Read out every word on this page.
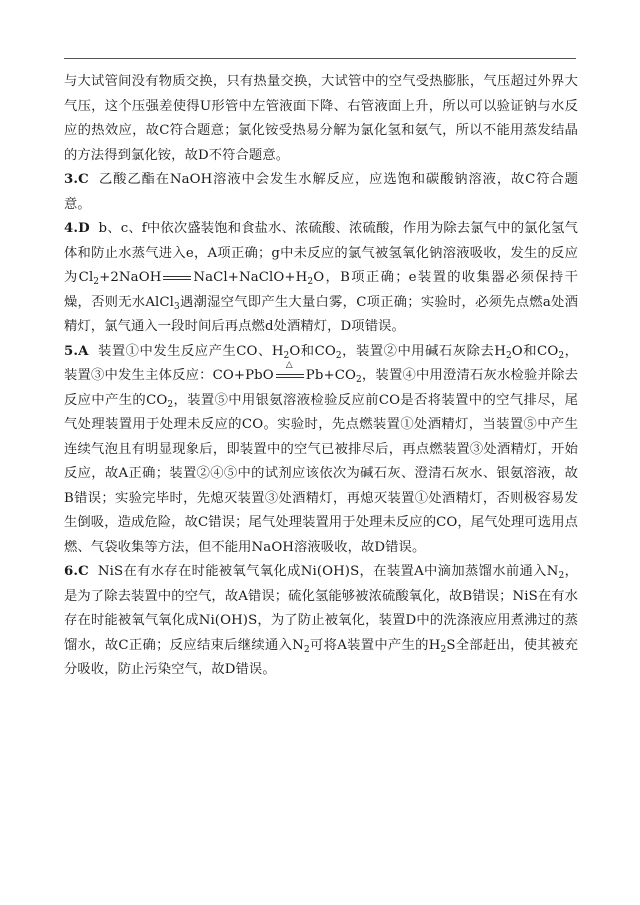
与大试管间没有物质交换，只有热量交换，大试管中的空气受热膨胀，气压超过外界大气压，这个压强差使得U形管中左管液面下降、右管液面上升，所以可以验证钠与水反应的热效应，故C符合题意；氯化铵受热易分解为氯化氢和氨气，所以不能用蒸发结晶的方法得到氯化铵，故D不符合题意。

3.C 乙酸乙酯在NaOH溶液中会发生水解反应，应选饱和碳酸钠溶液，故C符合题意。

4.D b、c、f中依次盛装饱和食盐水、浓硫酸、浓硫酸，作用为除去氯气中的氯化氢气体和防止水蒸气进入e，A项正确；g中未反应的氯气被氢氧化钠溶液吸收，发生的反应为$Cl_2+2NaOH$ $NaCl+NaClO+H_2O$，B项正确；e装置的收集器必须保持干燥，否则无水AlCl$_3$遇潮湿空气即产生大量白雾，C项正确；实验时，必须先点燃a处酒精灯，氯气通入一段时间后再点燃d处酒精灯，D项错误。

5.A 装置①中发生反应产生CO、$H_2O$和$CO_2$，装置②中用碱石灰除去$H_2O$和$CO_2$，装置③中发生主体反应：CO+PbO
△
$Pb+CO_2$，装置④中用澄清石灰水检验并除去反应中产生的$CO_2$，装置⑤中用银氨溶液检验反应前CO是否将装置中的空气排尽，尾气处理装置用于处理未反应的CO。实验时，先点燃装置①处酒精灯，当装置⑤中产生连续气泡且有明显现象后，即装置中的空气已被排尽后，再点燃装置③处酒精灯，开始反应，故A正确；装置②④⑤中的试剂应该依次为碱石灰、澄清石灰水、银氨溶液，故B错误；实验完毕时，先熄灭装置③处酒精灯，再熄灭装置①处酒精灯，否则极容易发生倒吸，造成危险，故C错误；尾气处理装置用于处理未反应的CO，尾气处理可选用点燃、气袋收集等方法，但不能用NaOH溶液吸收，故D错误。

6.C NiS在有水存在时能被氧气氧化成Ni(OH)S，在装置A中滴加蒸馏水前通入$N_2$，是为了除去装置中的空气，故A错误；硫化氢能够被浓硫酸氧化，故B错误；NiS在有水存在时能被氧气氧化成Ni(OH)S，为了防止被氧化，装置D中的洗涤液应用煮沸过的蒸馏水，故C正确；反应结束后继续通入$N_2$可将A装置中产生的$H_2S$全部赶出，使其被充分吸收，防止污染空气，故D错误。
